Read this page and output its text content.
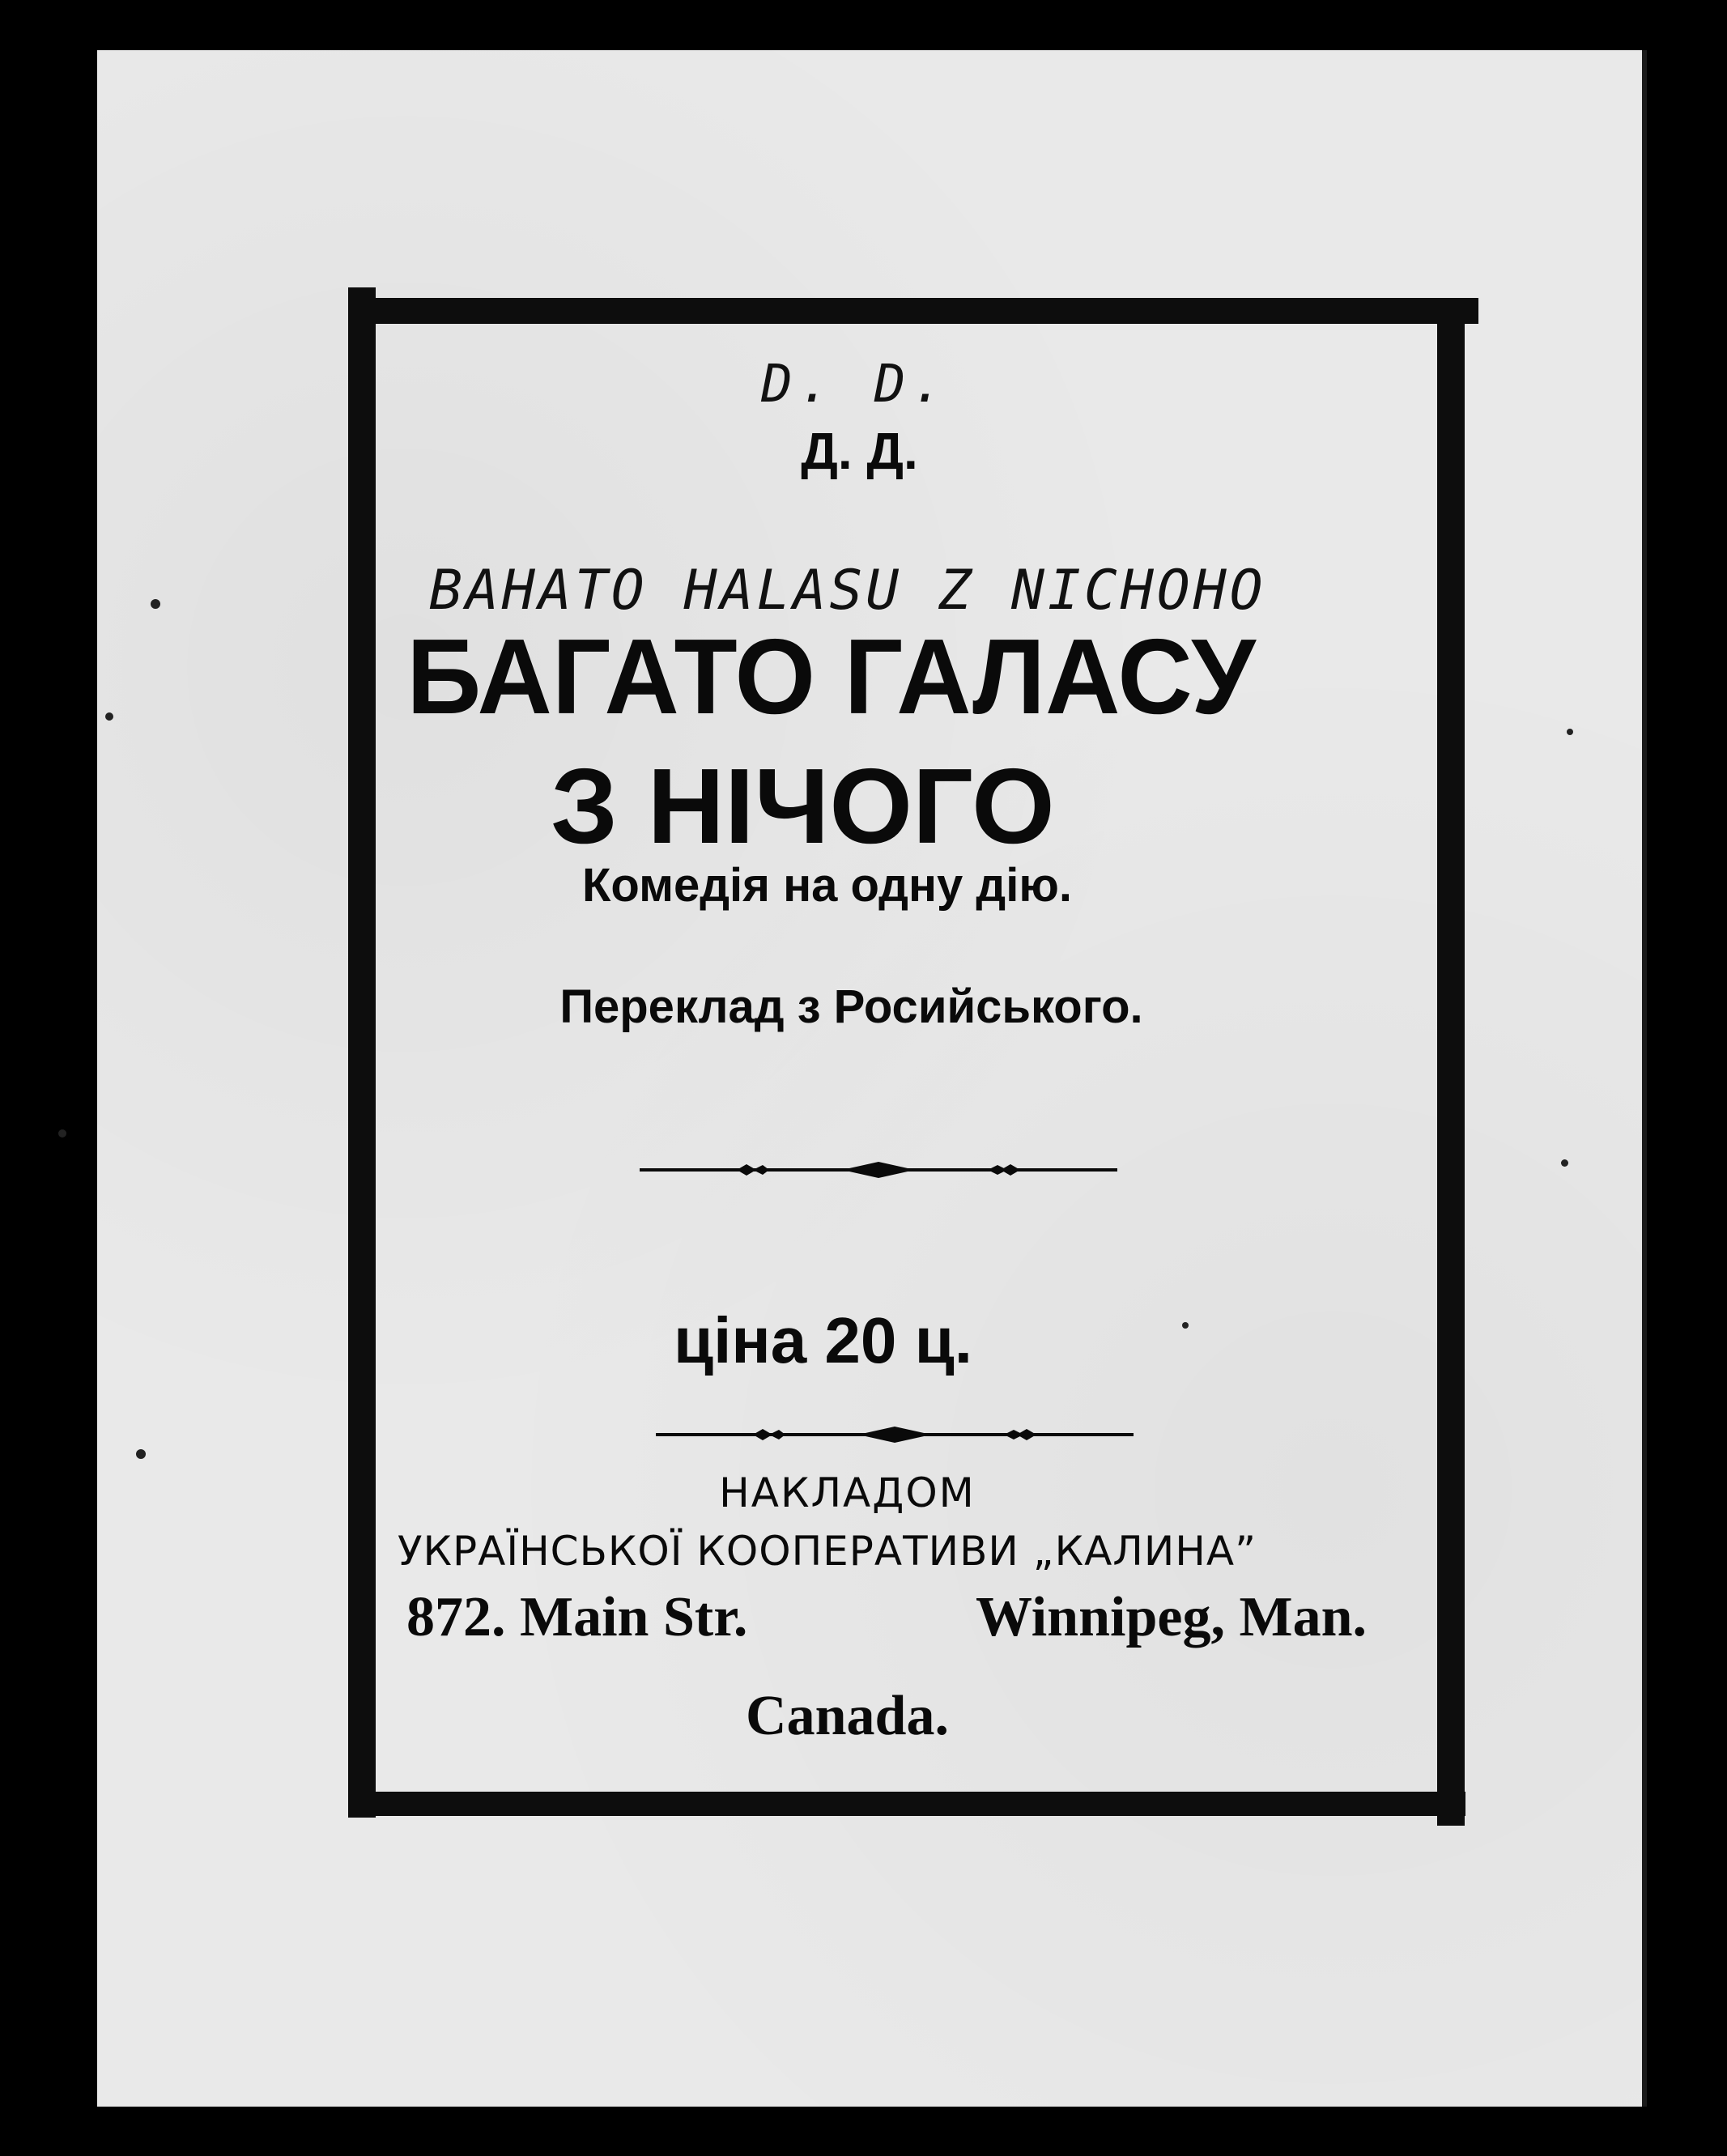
D. D.
Д. Д.
BAHATO HALASU Z NICHOHO
БАГАТО ГАЛАСУ
З НІЧОГО
Комедія на одну дію.
Переклад з Росийського.
ціна 20 ц.
НАКЛАДОМ
УКРАЇНСЬКОЇ КООПЕРАТИВИ „КАЛИНА”
872. Main Str.	Winnipeg, Man.
Canada.
